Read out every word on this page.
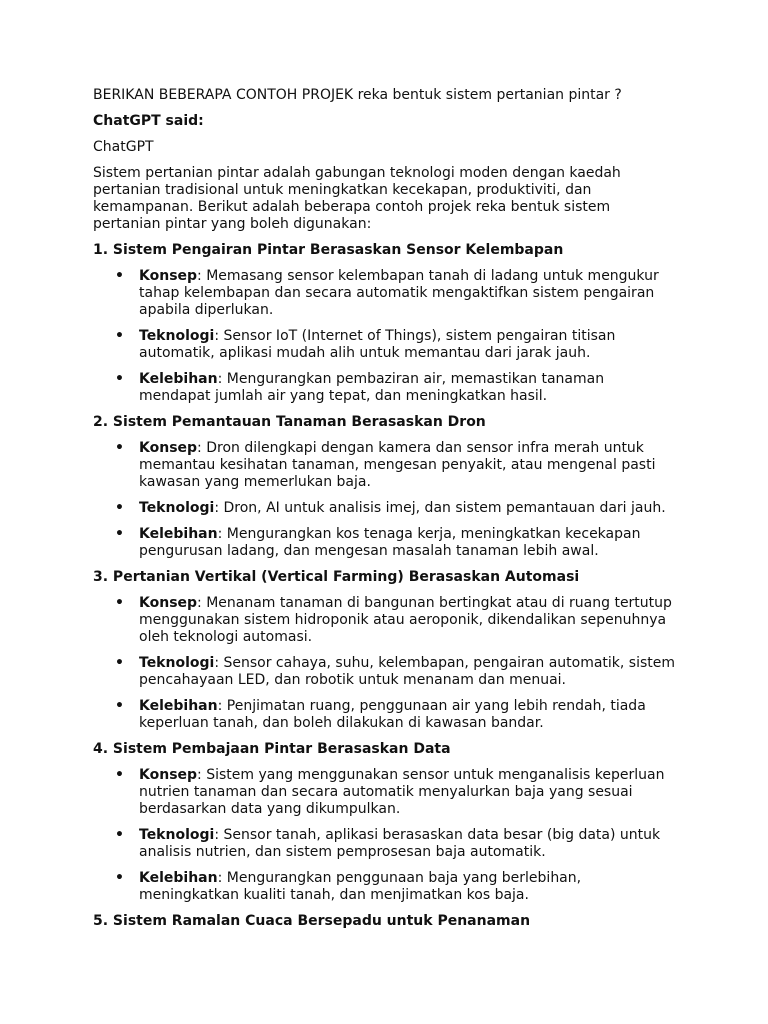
BERIKAN BEBERAPA CONTOH PROJEK reka bentuk sistem pertanian pintar ?

ChatGPT said:

ChatGPT

Sistem pertanian pintar adalah gabungan teknologi moden dengan kaedah pertanian tradisional untuk meningkatkan kecekapan, produktiviti, dan kemampanan. Berikut adalah beberapa contoh projek reka bentuk sistem pertanian pintar yang boleh digunakan:

1. Sistem Pengairan Pintar Berasaskan Sensor Kelembapan

• Konsep: Memasang sensor kelembapan tanah di ladang untuk mengukur tahap kelembapan dan secara automatik mengaktifkan sistem pengairan apabila diperlukan.
• Teknologi: Sensor IoT (Internet of Things), sistem pengairan titisan automatik, aplikasi mudah alih untuk memantau dari jarak jauh.
• Kelebihan: Mengurangkan pembaziran air, memastikan tanaman mendapat jumlah air yang tepat, dan meningkatkan hasil.

2. Sistem Pemantauan Tanaman Berasaskan Dron

• Konsep: Dron dilengkapi dengan kamera dan sensor infra merah untuk memantau kesihatan tanaman, mengesan penyakit, atau mengenal pasti kawasan yang memerlukan baja.
• Teknologi: Dron, AI untuk analisis imej, dan sistem pemantauan dari jauh.
• Kelebihan: Mengurangkan kos tenaga kerja, meningkatkan kecekapan pengurusan ladang, dan mengesan masalah tanaman lebih awal.

3. Pertanian Vertikal (Vertical Farming) Berasaskan Automasi

• Konsep: Menanam tanaman di bangunan bertingkat atau di ruang tertutup menggunakan sistem hidroponik atau aeroponik, dikendalikan sepenuhnya oleh teknologi automasi.
• Teknologi: Sensor cahaya, suhu, kelembapan, pengairan automatik, sistem pencahayaan LED, dan robotik untuk menanam dan menuai.
• Kelebihan: Penjimatan ruang, penggunaan air yang lebih rendah, tiada keperluan tanah, dan boleh dilakukan di kawasan bandar.

4. Sistem Pembajaan Pintar Berasaskan Data

• Konsep: Sistem yang menggunakan sensor untuk menganalisis keperluan nutrien tanaman dan secara automatik menyalurkan baja yang sesuai berdasarkan data yang dikumpulkan.
• Teknologi: Sensor tanah, aplikasi berasaskan data besar (big data) untuk analisis nutrien, dan sistem pemprosesan baja automatik.
• Kelebihan: Mengurangkan penggunaan baja yang berlebihan, meningkatkan kualiti tanah, dan menjimatkan kos baja.

5. Sistem Ramalan Cuaca Bersepadu untuk Penanaman
